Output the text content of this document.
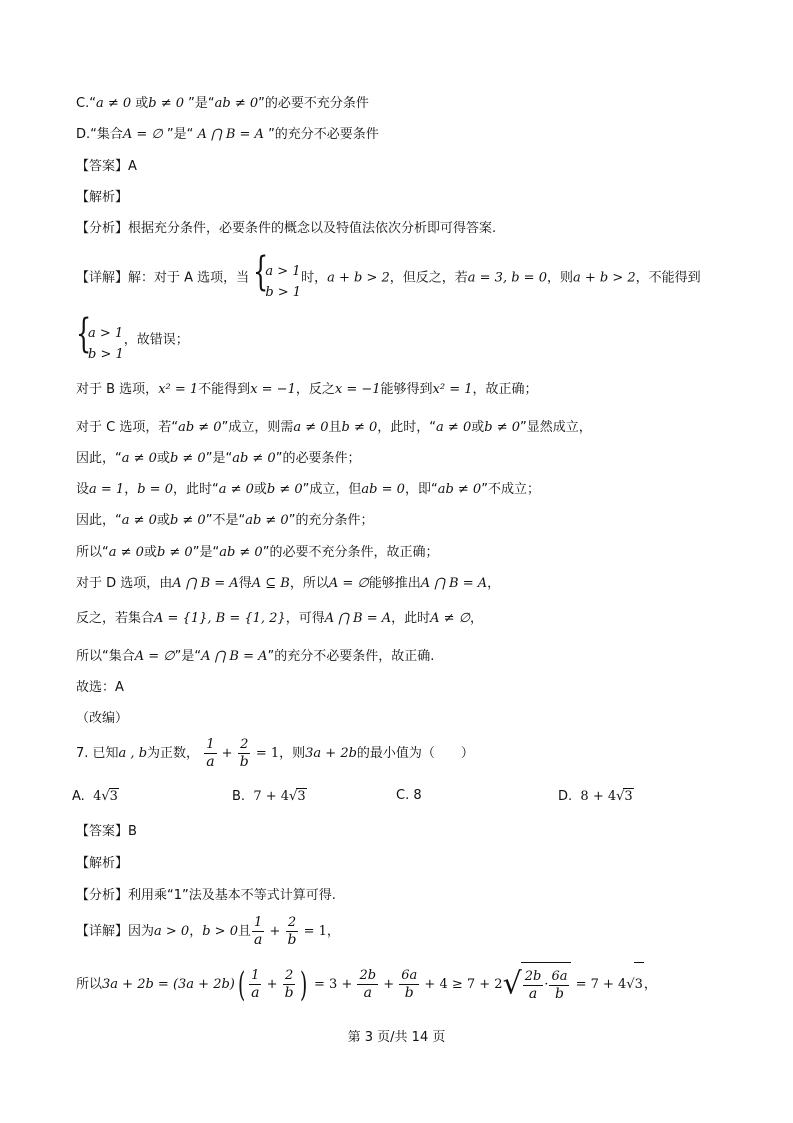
C.“a ≠ 0 或b ≠ 0 ”是“ab ≠ 0”的必要不充分条件
D.“集合A = ∅ ”是“ A ⋂ B = A ”的充分不必要条件
【答案】A
【解析】
【分析】根据充分条件，必要条件的概念以及特值法依次分析即可得答案.
【详解】解：对于 A 选项，当 {
a > 1
b > 1
时，a + b > 2，但反之，若a = 3, b = 0，则a + b > 2，不能得到
{
a > 1
b > 1
，故错误；
对于 B 选项，x² = 1不能得到x = −1，反之x = −1能够得到x² = 1，故正确；
对于 C 选项，若“ab ≠ 0”成立，则需a ≠ 0且b ≠ 0，此时，“a ≠ 0或b ≠ 0”显然成立，
因此，“a ≠ 0或b ≠ 0”是“ab ≠ 0”的必要条件；
设a = 1，b = 0，此时“a ≠ 0或b ≠ 0”成立，但ab = 0，即“ab ≠ 0”不成立；
因此，“a ≠ 0或b ≠ 0”不是“ab ≠ 0”的充分条件；
所以“a ≠ 0或b ≠ 0”是“ab ≠ 0”的必要不充分条件，故正确；
对于 D 选项，由A ⋂ B = A得A ⊆ B，所以A = ∅能够推出A ⋂ B = A，
反之，若集合A = {1}, B = {1, 2}，可得A ⋂ B = A，此时A ≠ ∅，
所以“集合A = ∅”是“A ⋂ B = A”的充分不必要条件，故正确.
故选：A
（改编）
7. 已知a , b为正数， $\frac{1}{a} + \frac{2}{b} = 1$，则3a + 2b的最小值为（　　）
A. 4√3	B. 7 + 4√3	C. 8	D. 8 + 4√3
【答案】B
【解析】
【分析】利用乘“1”法及基本不等式计算可得.
【详解】因为a > 0，b > 0且 $\frac{1}{a} + \frac{2}{b} = 1$，
所以$3a + 2b = (3a + 2b)( \frac{1}{a} + \frac{2}{b}$ ) = $3 + \frac{2b}{a} + \frac{6a}{b} + 4 \ge 7 + 2√ \frac{2b}{a} \cdot \frac{6a}{b} = 7 + 4√3$，
第 3 页/共 14 页
